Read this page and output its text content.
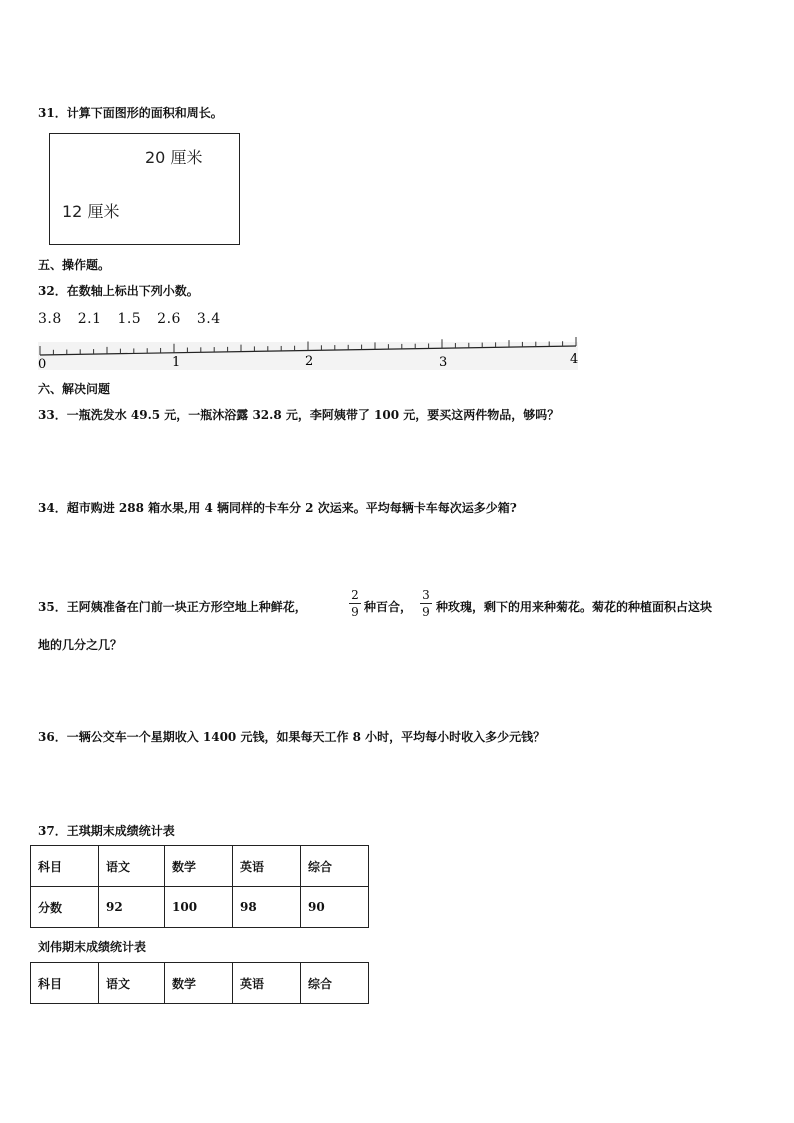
31．计算下面图形的面积和周长。
20 厘米
12 厘米
五、操作题。
32．在数轴上标出下列小数。
3.8 2.1 1.5 2.6 3.4
0	1	2	3	4
六、解决问题
33．一瓶洗发水 49.5 元，一瓶沐浴露 32.8 元，李阿姨带了 100 元，要买这两件物品，够吗？
34．超市购进 288 箱水果,用 4 辆同样的卡车分 2 次运来。平均每辆卡车每次运多少箱?
35．王阿姨准备在门前一块正方形空地上种鲜花，
2
9 种百合，
3
9 种玫瑰，剩下的用来种菊花。菊花的种植面积占这块
地的几分之几？
36．一辆公交车一个星期收入 1400 元钱，如果每天工作 8 小时，平均每小时收入多少元钱？
37．王琪期末成绩统计表
科目	语文	数学	英语	综合
分数	92	100	98	90
刘伟期末成绩统计表
科目	语文	数学	英语	综合
